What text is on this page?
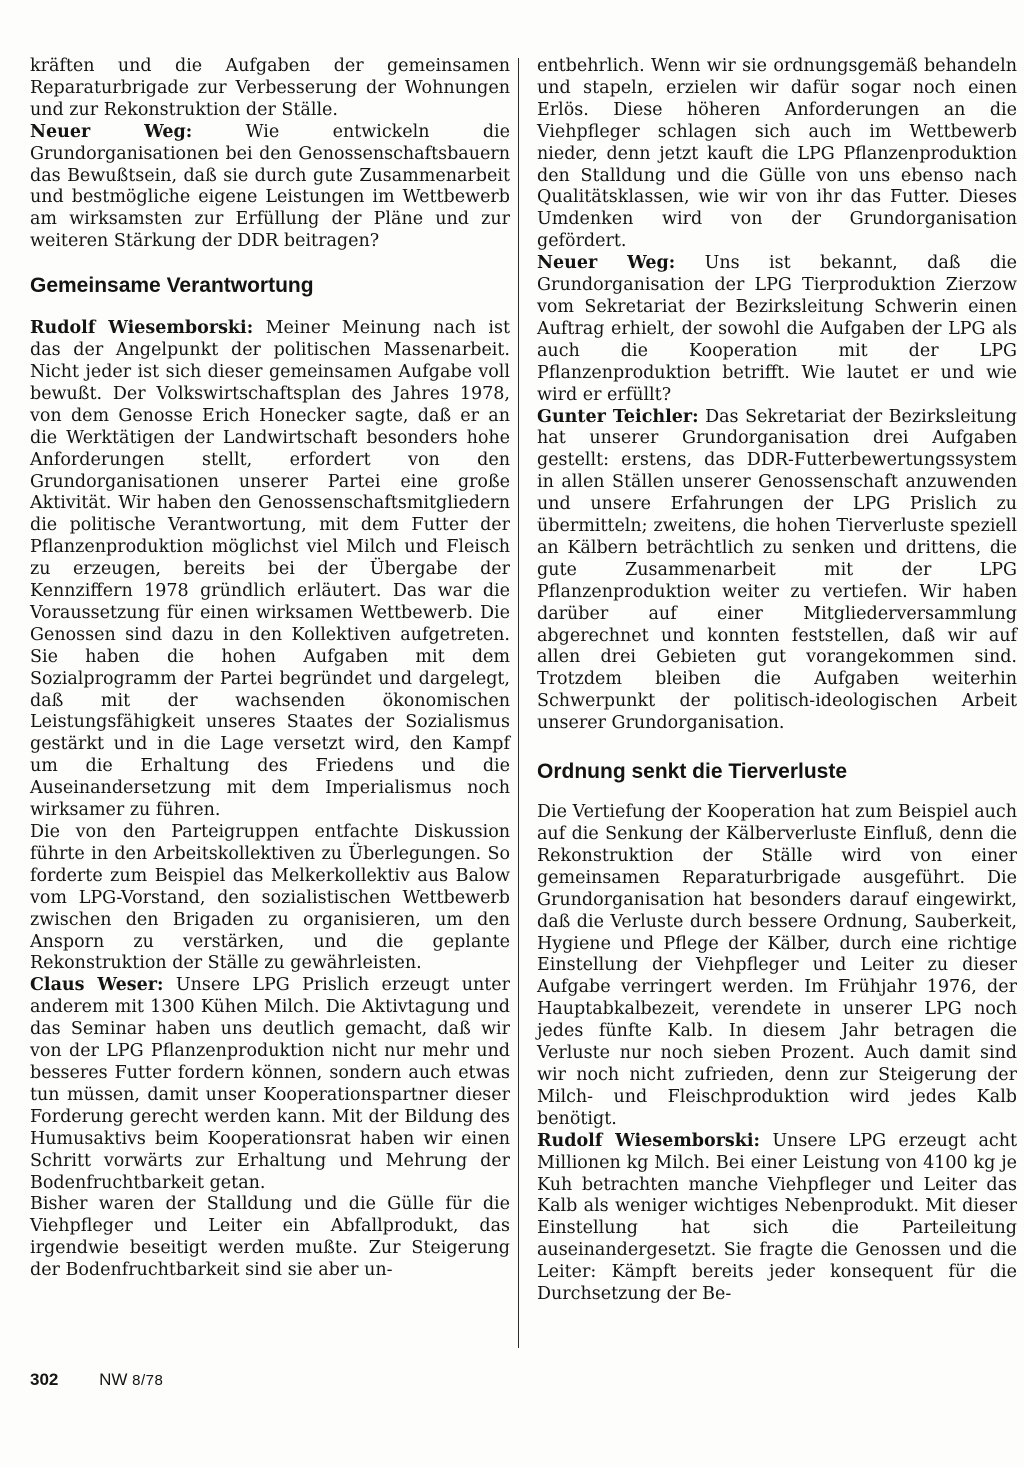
kräften und die Aufgaben der gemeinsamen Reparaturbrigade zur Verbesserung der Wohnungen und zur Rekonstruktion der Ställe.

Neuer Weg: Wie entwickeln die Grundorganisationen bei den Genossenschaftsbauern das Bewußtsein, daß sie durch gute Zusammenarbeit und bestmögliche eigene Leistungen im Wettbewerb am wirksamsten zur Erfüllung der Pläne und zur weiteren Stärkung der DDR beitragen?

Gemeinsame Verantwortung

Rudolf Wiesemborski: Meiner Meinung nach ist das der Angelpunkt der politischen Massenarbeit. Nicht jeder ist sich dieser gemeinsamen Aufgabe voll bewußt. Der Volkswirtschaftsplan des Jahres 1978, von dem Genosse Erich Honecker sagte, daß er an die Werktätigen der Landwirtschaft besonders hohe Anforderungen stellt, erfordert von den Grundorganisationen unserer Partei eine große Aktivität. Wir haben den Genossenschaftsmitgliedern die politische Verantwortung, mit dem Futter der Pflanzenproduktion möglichst viel Milch und Fleisch zu erzeugen, bereits bei der Übergabe der Kennziffern 1978 gründlich erläutert. Das war die Voraussetzung für einen wirksamen Wettbewerb. Die Genossen sind dazu in den Kollektiven aufgetreten. Sie haben die hohen Aufgaben mit dem Sozialprogramm der Partei begründet und dargelegt, daß mit der wachsenden ökonomischen Leistungsfähigkeit unseres Staates der Sozialismus gestärkt und in die Lage versetzt wird, den Kampf um die Erhaltung des Friedens und die Auseinandersetzung mit dem Imperialismus noch wirksamer zu führen.

Die von den Parteigruppen entfachte Diskussion führte in den Arbeitskollektiven zu Überlegungen. So forderte zum Beispiel das Melkerkollektiv aus Balow vom LPG-Vorstand, den sozialistischen Wettbewerb zwischen den Brigaden zu organisieren, um den Ansporn zu verstärken, und die geplante Rekonstruktion der Ställe zu gewährleisten.

Claus Weser: Unsere LPG Prislich erzeugt unter anderem mit 1300 Kühen Milch. Die Aktivtagung und das Seminar haben uns deutlich gemacht, daß wir von der LPG Pflanzenproduktion nicht nur mehr und besseres Futter fordern können, sondern auch etwas tun müssen, damit unser Kooperationspartner dieser Forderung gerecht werden kann. Mit der Bildung des Humusaktivs beim Kooperationsrat haben wir einen Schritt vorwärts zur Erhaltung und Mehrung der Bodenfruchtbarkeit getan.

Bisher waren der Stalldung und die Gülle für die Viehpfleger und Leiter ein Abfallprodukt, das irgendwie beseitigt werden mußte. Zur Steigerung der Bodenfruchtbarkeit sind sie aber un-

entbehrlich. Wenn wir sie ordnungsgemäß behandeln und stapeln, erzielen wir dafür sogar noch einen Erlös. Diese höheren Anforderungen an die Viehpfleger schlagen sich auch im Wettbewerb nieder, denn jetzt kauft die LPG Pflanzenproduktion den Stalldung und die Gülle von uns ebenso nach Qualitätsklassen, wie wir von ihr das Futter. Dieses Umdenken wird von der Grundorganisation gefördert.

Neuer Weg: Uns ist bekannt, daß die Grundorganisation der LPG Tierproduktion Zierzow vom Sekretariat der Bezirksleitung Schwerin einen Auftrag erhielt, der sowohl die Aufgaben der LPG als auch die Kooperation mit der LPG Pflanzenproduktion betrifft. Wie lautet er und wie wird er erfüllt?

Gunter Teichler: Das Sekretariat der Bezirksleitung hat unserer Grundorganisation drei Aufgaben gestellt: erstens, das DDR-Futterbewertungssystem in allen Ställen unserer Genossenschaft anzuwenden und unsere Erfahrungen der LPG Prislich zu übermitteln; zweitens, die hohen Tierverluste speziell an Kälbern beträchtlich zu senken und drittens, die gute Zusammenarbeit mit der LPG Pflanzenproduktion weiter zu vertiefen. Wir haben darüber auf einer Mitgliederversammlung abgerechnet und konnten feststellen, daß wir auf allen drei Gebieten gut vorangekommen sind. Trotzdem bleiben die Aufgaben weiterhin Schwerpunkt der politisch-ideologischen Arbeit unserer Grundorganisation.

Ordnung senkt die Tierverluste

Die Vertiefung der Kooperation hat zum Beispiel auch auf die Senkung der Kälberverluste Einfluß, denn die Rekonstruktion der Ställe wird von einer gemeinsamen Reparaturbrigade ausgeführt. Die Grundorganisation hat besonders darauf eingewirkt, daß die Verluste durch bessere Ordnung, Sauberkeit, Hygiene und Pflege der Kälber, durch eine richtige Einstellung der Viehpfleger und Leiter zu dieser Aufgabe verringert werden. Im Frühjahr 1976, der Hauptabkalbezeit, verendete in unserer LPG noch jedes fünfte Kalb. In diesem Jahr betragen die Verluste nur noch sieben Prozent. Auch damit sind wir noch nicht zufrieden, denn zur Steigerung der Milch- und Fleischproduktion wird jedes Kalb benötigt.

Rudolf Wiesemborski: Unsere LPG erzeugt acht Millionen kg Milch. Bei einer Leistung von 4100 kg je Kuh betrachten manche Viehpfleger und Leiter das Kalb als weniger wichtiges Nebenprodukt. Mit dieser Einstellung hat sich die Parteileitung auseinandergesetzt. Sie fragte die Genossen und die Leiter: Kämpft bereits jeder konsequent für die Durchsetzung der Be-

302 NW 8/78
